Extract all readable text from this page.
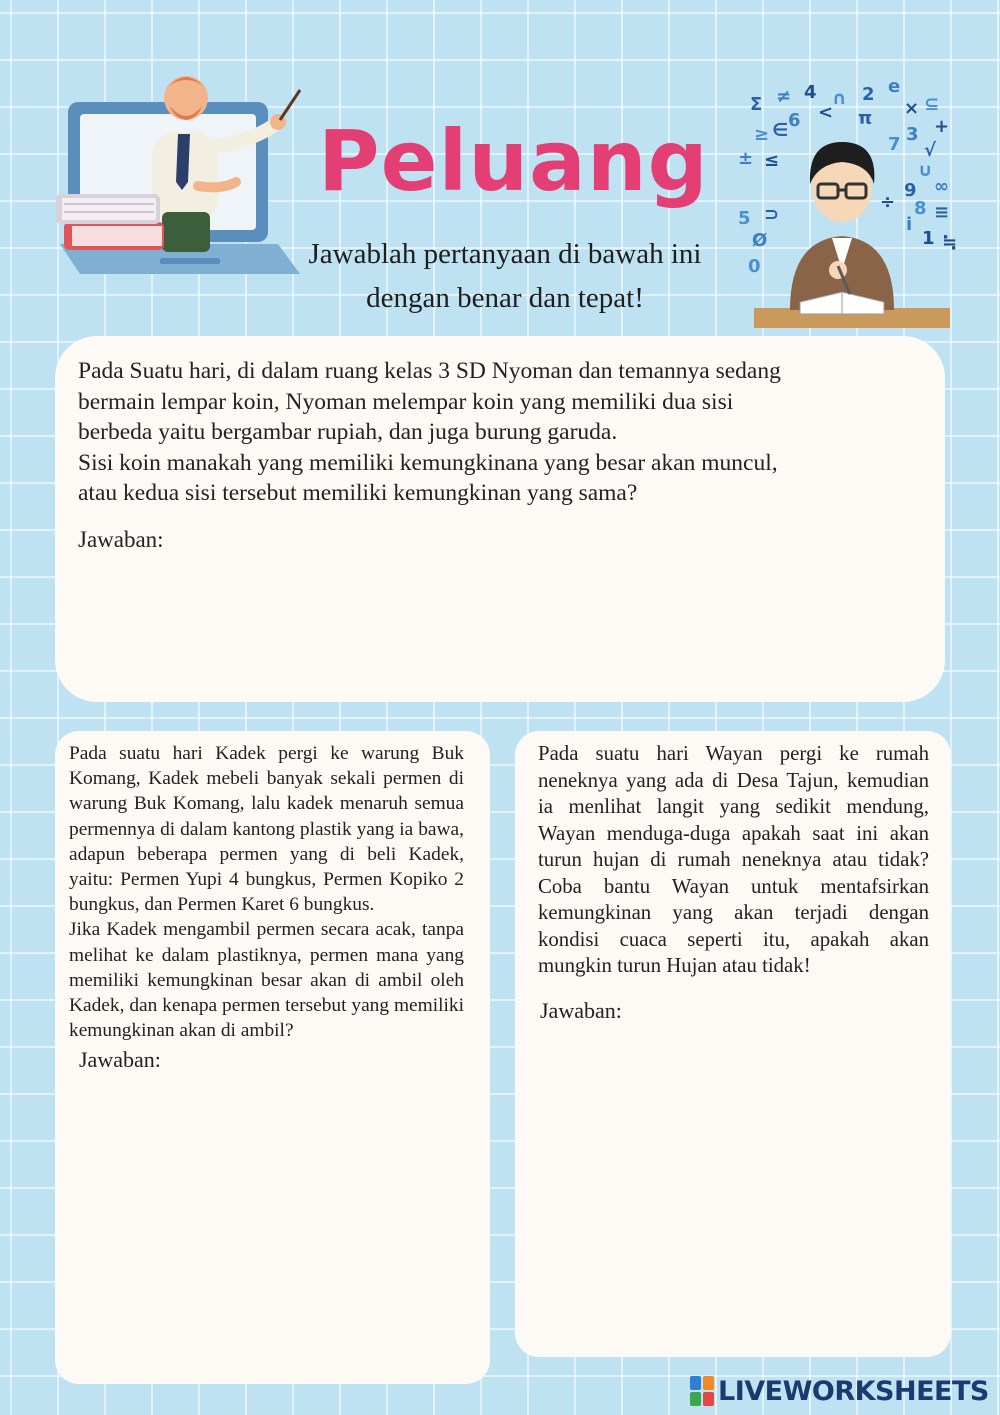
Peluang

Jawablah pertanyaan di bawah ini dengan benar dan tepat!

Σ ≠ 4 ∩ 2 e
× ⊆
π
6 <
≥ ∈	3 +
7 √
± ≤	∪
9 ∞
÷ 8 ≡
i
1
5 ⊃
Ø	≒
0

Pada Suatu hari, di dalam ruang kelas 3 SD Nyoman dan temannya sedang
bermain lempar koin, Nyoman melempar koin yang memiliki dua sisi
berbeda yaitu bergambar rupiah, dan juga burung garuda.
Sisi koin manakah yang memiliki kemungkinana yang besar akan muncul,
atau kedua sisi tersebut memiliki kemungkinan yang sama?

Jawaban:

Pada suatu hari Kadek pergi ke warung Buk Komang, Kadek mebeli banyak sekali permen di warung Buk Komang, lalu kadek menaruh semua permennya di dalam kantong plastik yang ia bawa, adapun beberapa permen yang di beli Kadek, yaitu: Permen Yupi 4 bungkus, Permen Kopiko 2 bungkus, dan Permen Karet 6 bungkus.
Jika Kadek mengambil permen secara acak, tanpa melihat ke dalam plastiknya, permen mana yang memiliki kemungkinan besar akan di ambil oleh Kadek, dan kenapa permen tersebut yang memiliki kemungkinan akan di ambil?

Jawaban:

Pada suatu hari Wayan pergi ke rumah neneknya yang ada di Desa Tajun, kemudian ia menlihat langit yang sedikit mendung, Wayan menduga-duga apakah saat ini akan turun hujan di rumah neneknya atau tidak? Coba bantu Wayan untuk mentafsirkan kemungkinan yang akan terjadi dengan kondisi cuaca seperti itu, apakah akan mungkin turun Hujan atau tidak!

Jawaban:
LIVEWORKSHEETS
